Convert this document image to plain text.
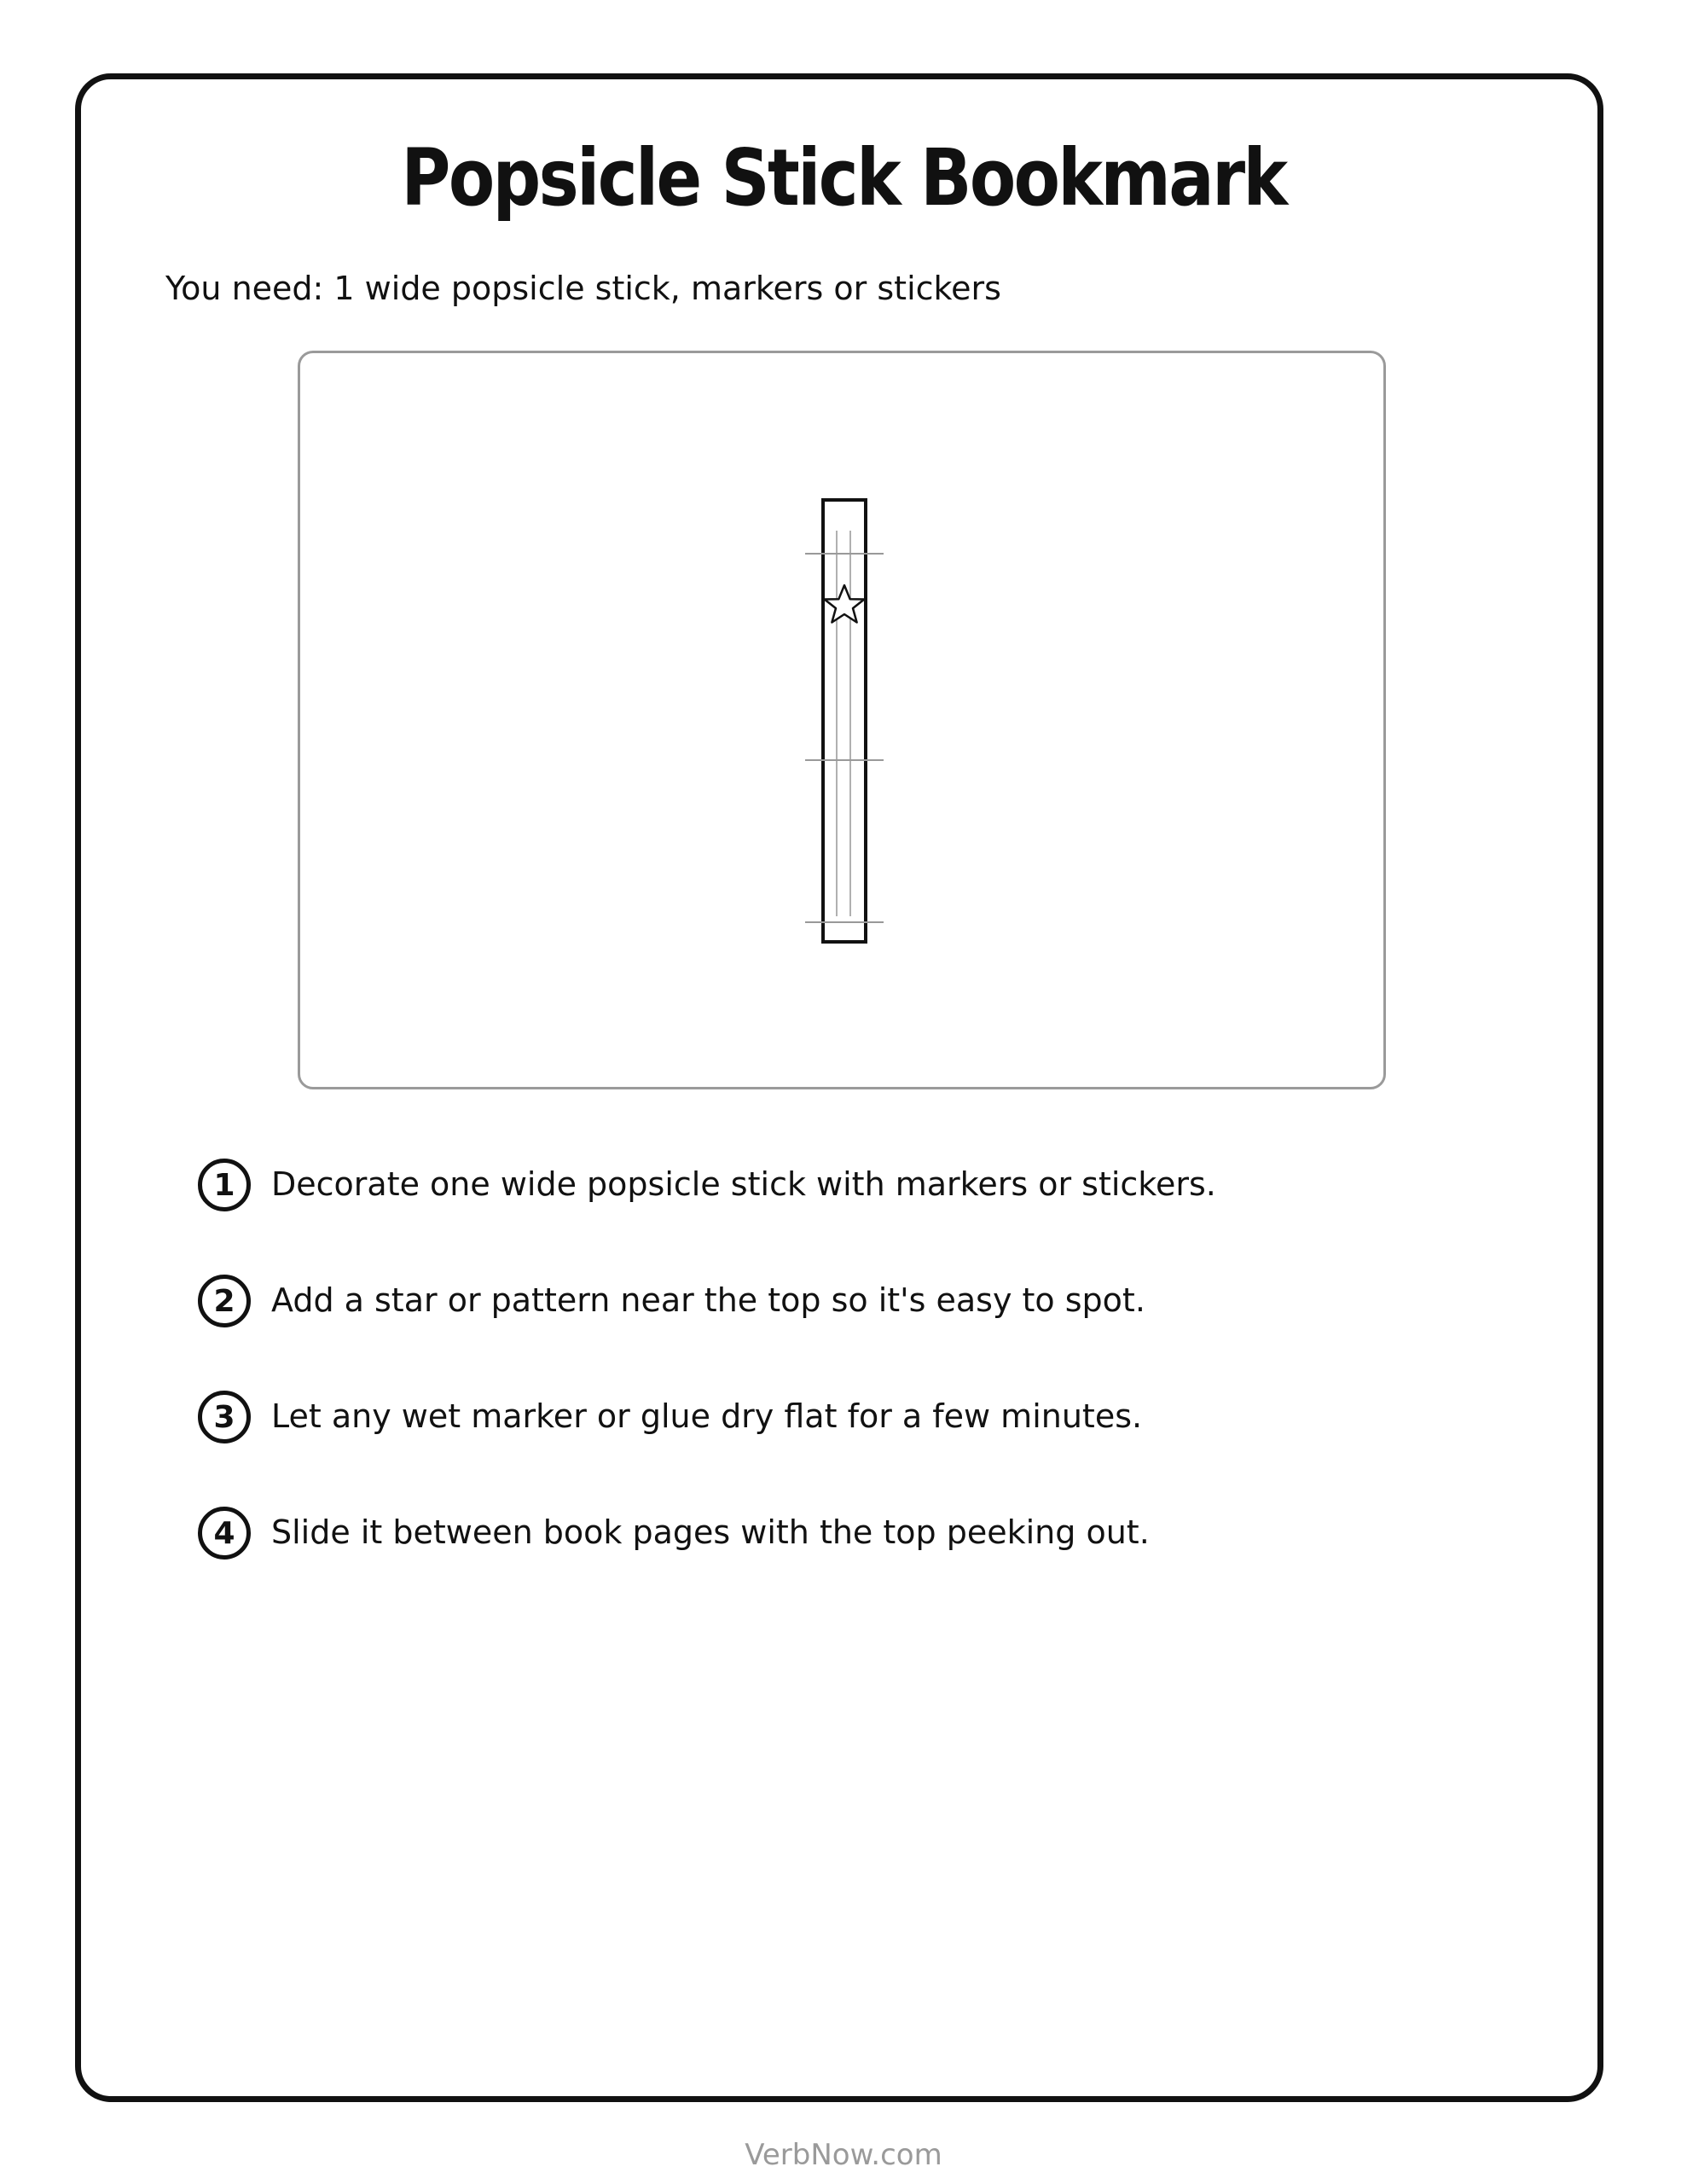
Popsicle Stick Bookmark
You need: 1 wide popsicle stick, markers or stickers
1	Decorate one wide popsicle stick with markers or stickers.
2	Add a star or pattern near the top so it's easy to spot.
3	Let any wet marker or glue dry flat for a few minutes.
4	Slide it between book pages with the top peeking out.
VerbNow.com
